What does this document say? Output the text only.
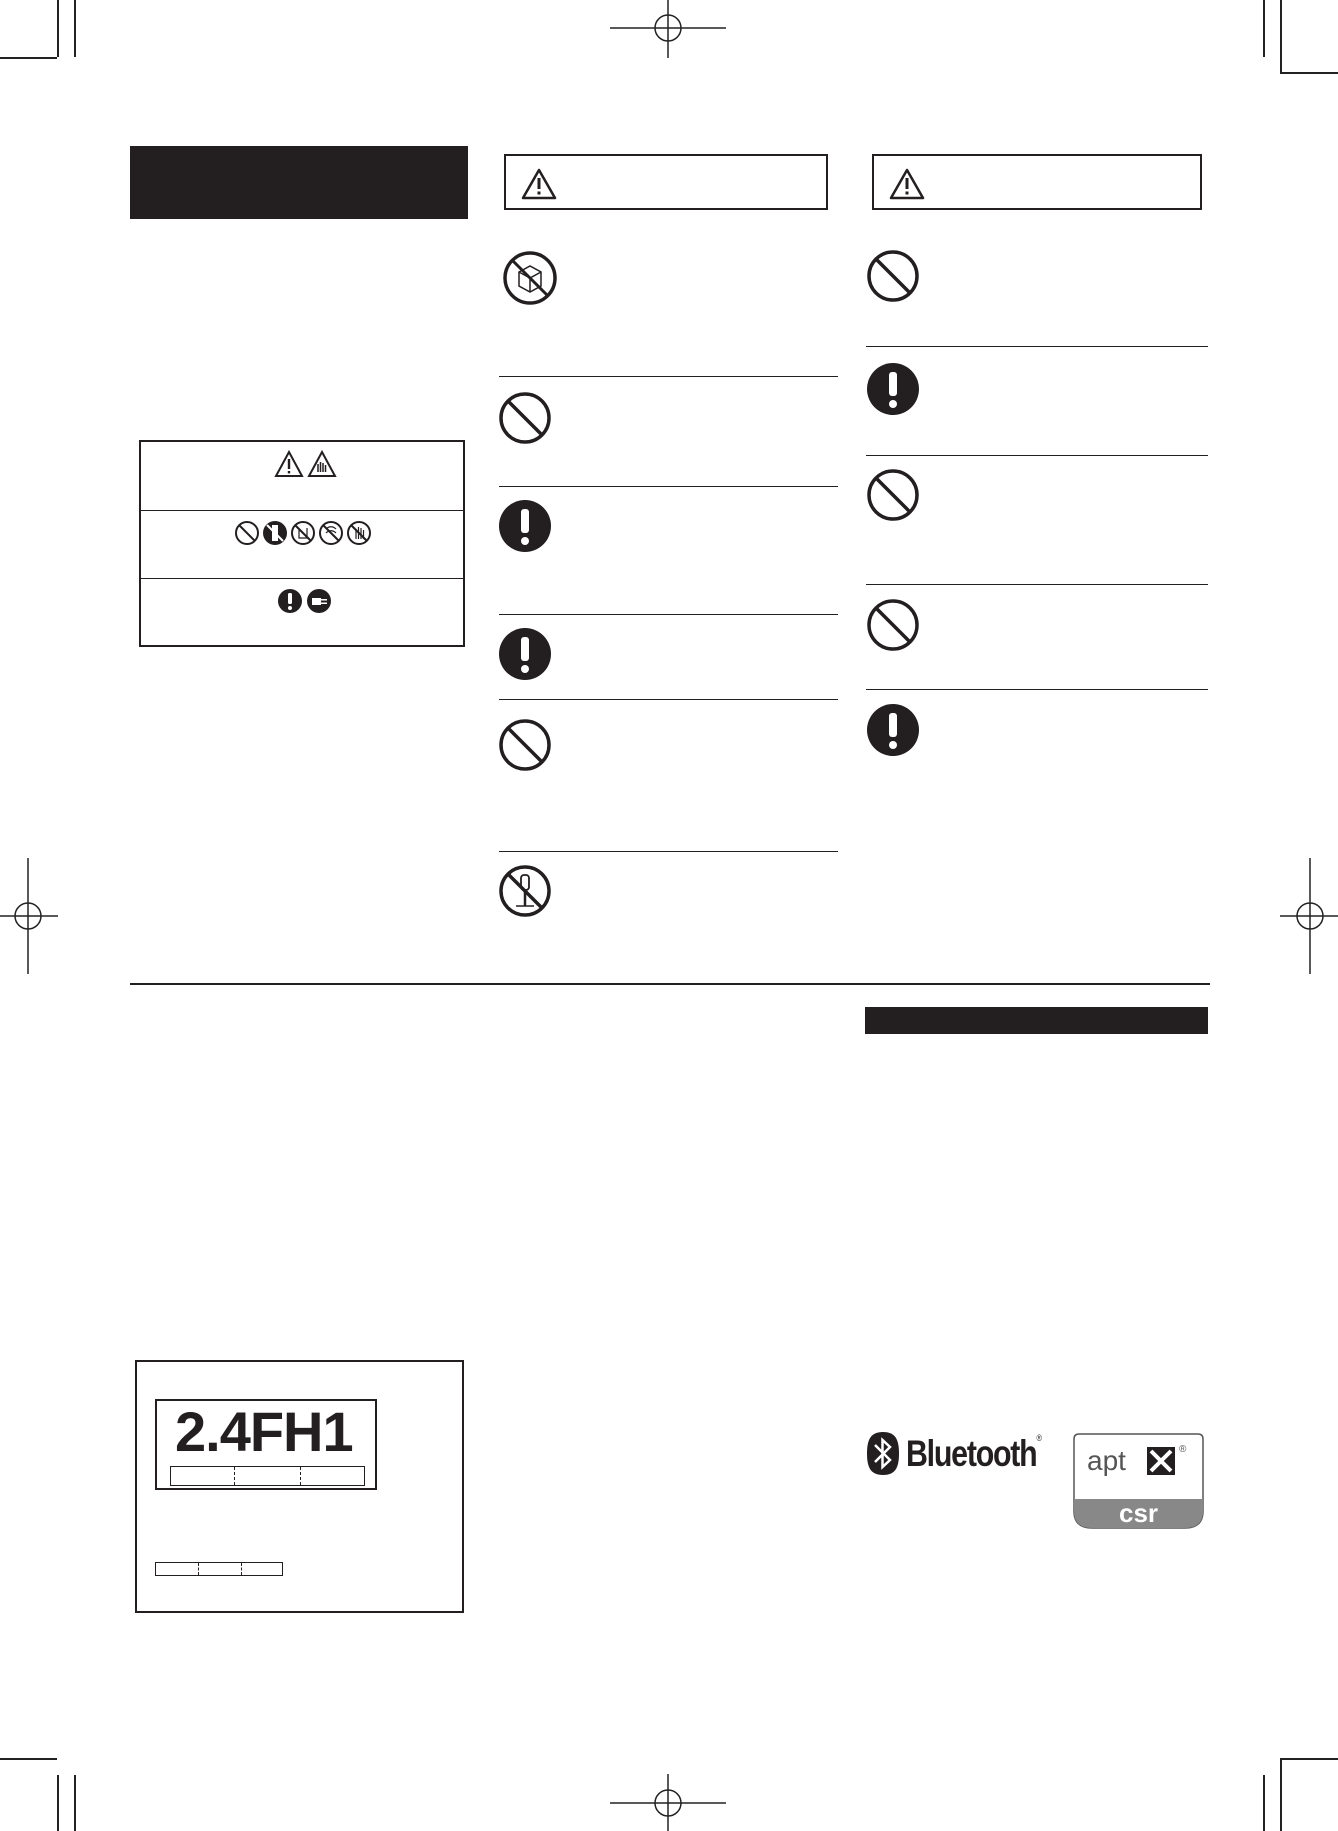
2.4FH1	Bluetooth®
apt	®
csr
